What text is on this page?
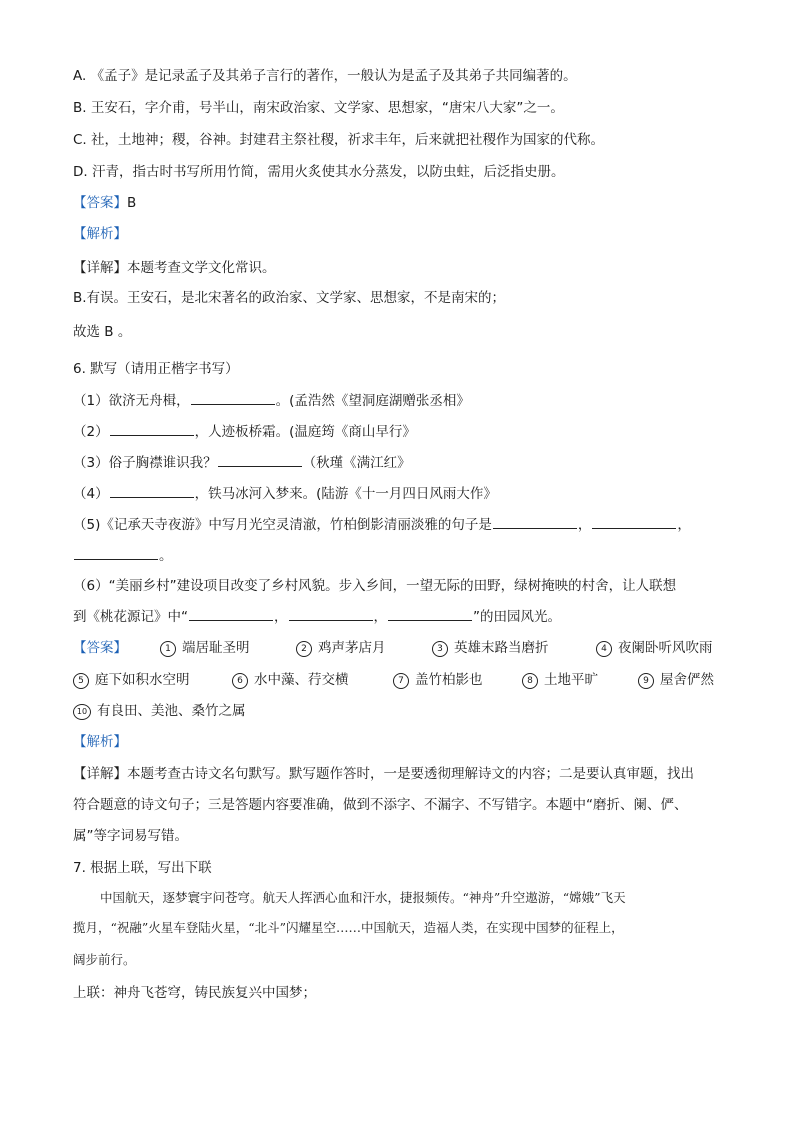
A. 《孟子》是记录孟子及其弟子言行的著作，一般认为是孟子及其弟子共同编著的。
B. 王安石，字介甫，号半山，南宋政治家、文学家、思想家，“唐宋八大家”之一。
C. 社，土地神；稷，谷神。封建君主祭社稷，祈求丰年，后来就把社稷作为国家的代称。
D. 汗青，指古时书写所用竹简，需用火炙使其水分蒸发，以防虫蛀，后泛指史册。
【答案】B
【解析】
【详解】本题考查文学文化常识。
B.有误。王安石，是北宋著名的政治家、文学家、思想家，不是南宋的；
故选 B 。
6. 默写（请用正楷字书写）
（1）欲济无舟楫，	。(孟浩然《望洞庭湖赠张丞相》
（2）	，人迹板桥霜。(温庭筠《商山早行》
（3）俗子胸襟谁识我？	（秋瑾《满江红》
（4）	，铁马冰河入梦来。(陆游《十一月四日风雨大作》
（5)《记承天寺夜游》中写月光空灵清澈，竹柏倒影清丽淡雅的句子是	，	，
。
（6）“美丽乡村”建设项目改变了乡村风貌。步入乡间，一望无际的田野，绿树掩映的村舍，让人联想
到《桃花源记》中“	，	，	”的田园风光。
【答案】	1 端居耻圣明	2 鸡声茅店月	3 英雄末路当磨折	4 夜阑卧听风吹雨
5 庭下如积水空明	6 水中藻、荇交横	7 盖竹柏影也	8 土地平旷	9 屋舍俨然
10 有良田、美池、桑竹之属
【解析】
【详解】本题考查古诗文名句默写。默写题作答时，一是要透彻理解诗文的内容；二是要认真审题，找出
符合题意的诗文句子；三是答题内容要准确，做到不添字、不漏字、不写错字。本题中“磨折、阑、俨、
属”等字词易写错。
7. 根据上联，写出下联
中国航天，逐梦寰宇问苍穹。航天人挥洒心血和汗水，捷报频传。“神舟”升空遨游，“嫦娥”飞天
揽月，“祝融”火星车登陆火星，“北斗”闪耀星空……中国航天，造福人类，在实现中国梦的征程上，
阔步前行。
上联：神舟飞苍穹，铸民族复兴中国梦；
